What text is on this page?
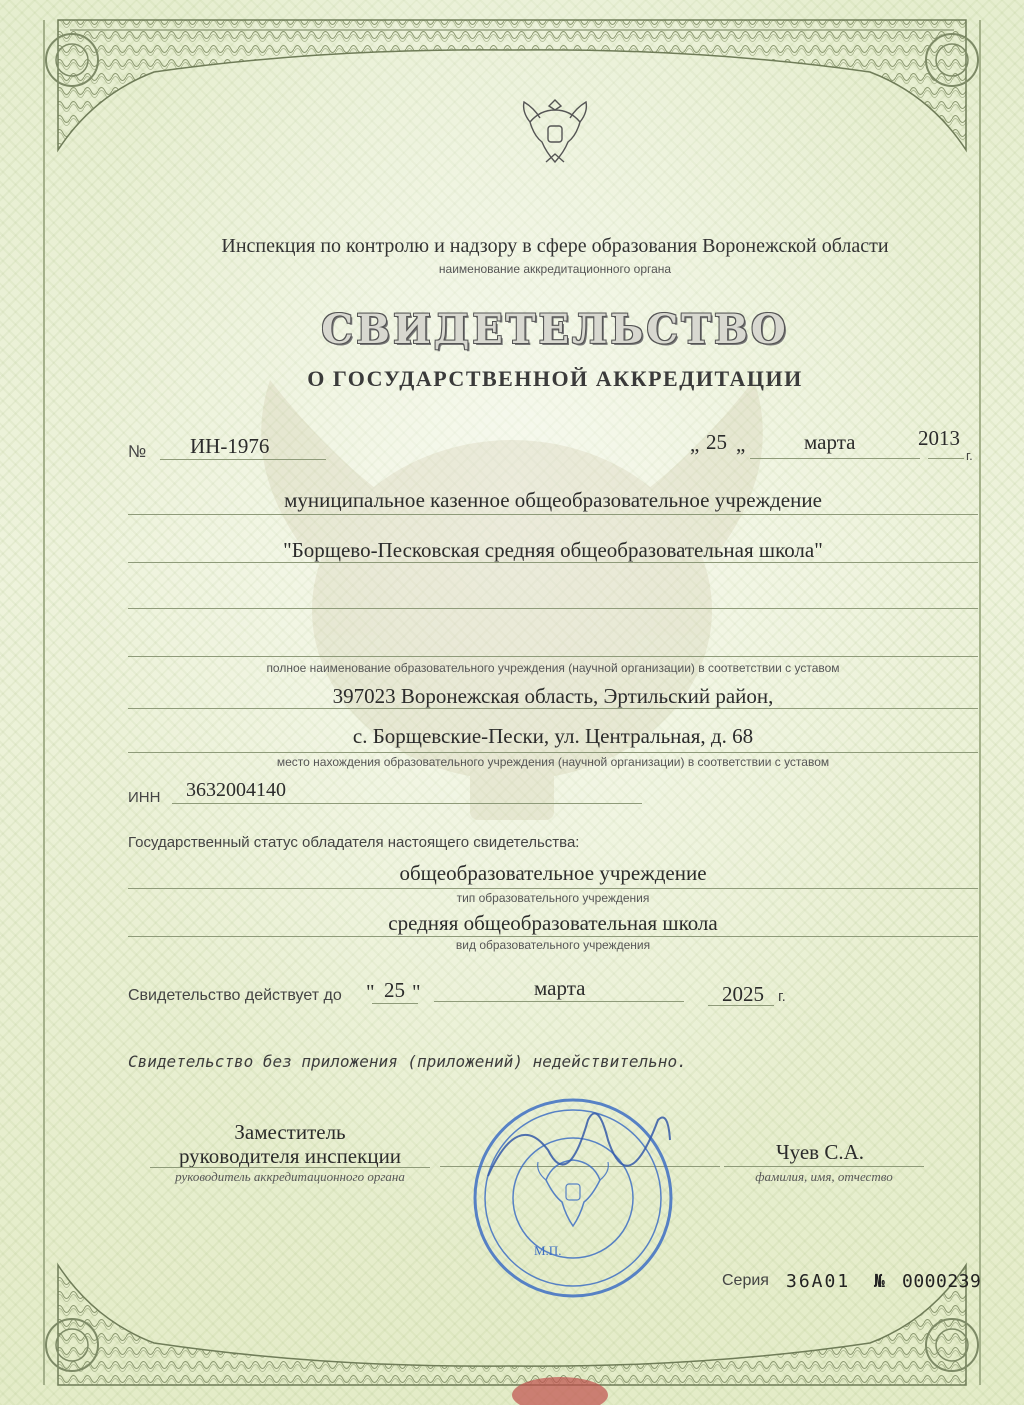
Инспекция по контролю и надзору в сфере образования Воронежской области
наименование аккредитационного органа
СВИДЕТЕЛЬСТВО
О ГОСУДАРСТВЕННОЙ АККРЕДИТАЦИИ
№ ИН-1976	„ 25 „	марта	2013
г.
муниципальное казенное общеобразовательное учреждение
"Борщево-Песковская средняя общеобразовательная школа"
полное наименование образовательного учреждения (научной организации) в соответствии с уставом
397023 Воронежская область, Эртильский район,
с. Борщевские-Пески, ул. Центральная, д. 68
место нахождения образовательного учреждения (научной организации) в соответствии с уставом
ИНН 3632004140
Государственный статус обладателя настоящего свидетельства:
общеобразовательное учреждение
тип образовательного учреждения
средняя общеобразовательная школа
вид образовательного учреждения
Свидетельство действует до " 25 "	марта	2025 г.
Свидетельство без приложения (приложений) недействительно.
Заместитель
руководителя инспекции
руководитель аккредитационного органа
Чуев С.А.
фамилия, имя, отчество
М.П.
Серия 36А01 № 0000239
